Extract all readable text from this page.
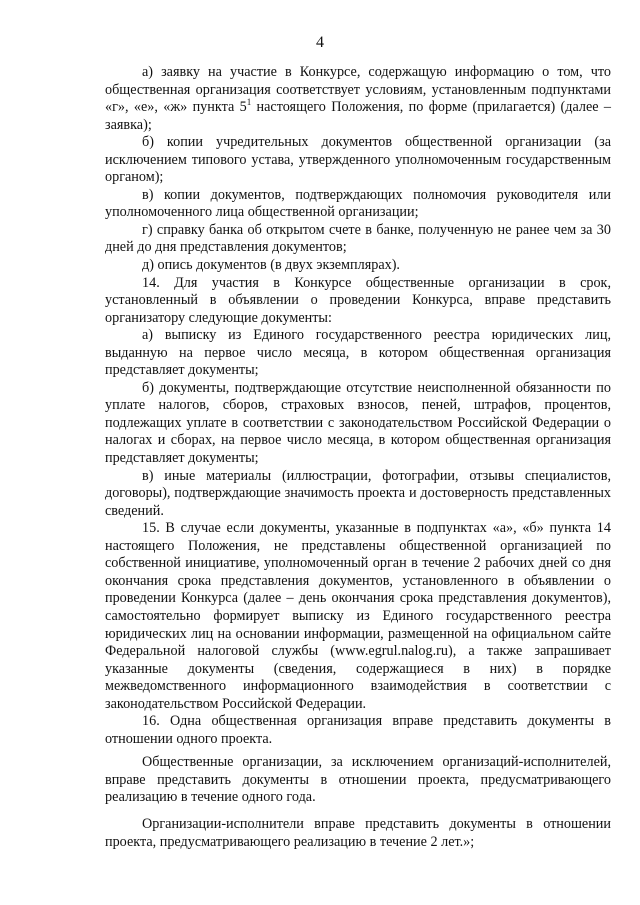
4

а) заявку на участие в Конкурсе, содержащую информацию о том, что общественная организация соответствует условиям, установленным подпунктами «г», «е», «ж» пункта $5^1$ настоящего Положения, по форме (прилагается) (далее – заявка);

б) копии учредительных документов общественной организации (за исключением типового устава, утвержденного уполномоченным государственным органом);

в) копии документов, подтверждающих полномочия руководителя или уполномоченного лица общественной организации;

г) справку банка об открытом счете в банке, полученную не ранее чем за 30 дней до дня представления документов;

д) опись документов (в двух экземплярах).

14. Для участия в Конкурсе общественные организации в срок, установленный в объявлении о проведении Конкурса, вправе представить организатору следующие документы:

а) выписку из Единого государственного реестра юридических лиц, выданную на первое число месяца, в котором общественная организация представляет документы;

б) документы, подтверждающие отсутствие неисполненной обязанности по уплате налогов, сборов, страховых взносов, пеней, штрафов, процентов, подлежащих уплате в соответствии с законодательством Российской Федерации о налогах и сборах, на первое число месяца, в котором общественная организация представляет документы;

в) иные материалы (иллюстрации, фотографии, отзывы специалистов, договоры), подтверждающие значимость проекта и достоверность представленных сведений.

15. В случае если документы, указанные в подпунктах «а», «б» пункта 14 настоящего Положения, не представлены общественной организацией по собственной инициативе, уполномоченный орган в течение 2 рабочих дней со дня окончания срока представления документов, установленного в объявлении о проведении Конкурса (далее – день окончания срока представления документов), самостоятельно формирует выписку из Единого государственного реестра юридических лиц на основании информации, размещенной на официальном сайте Федеральной налоговой службы (www.egrul.nalog.ru), а также запрашивает указанные документы (сведения, содержащиеся в них) в порядке межведомственного информационного взаимодействия в соответствии с законодательством Российской Федерации.

16. Одна общественная организация вправе представить документы в отношении одного проекта.

Общественные организации, за исключением организаций-исполнителей, вправе представить документы в отношении проекта, предусматривающего реализацию в течение одного года.

Организации-исполнители вправе представить документы в отношении проекта, предусматривающего реализацию в течение 2 лет.»;
